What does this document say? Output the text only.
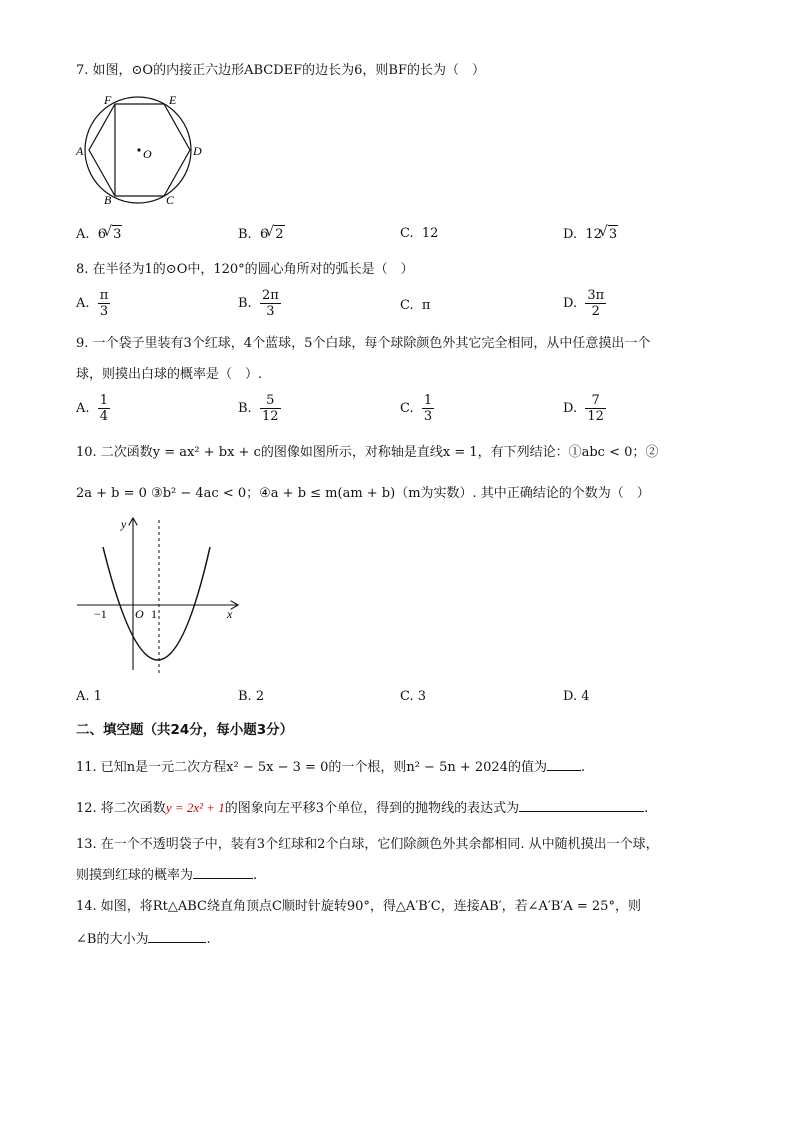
7. 如图，⊙O的内接正六边形ABCDEF的边长为6，则BF的长为（　）
F	E
A	D
B	C
O
A. 6 √ 3	B. 6 √ 2	C. 12	D. 12 √ 3
8. 在半径为1的⊙O中，120°的圆心角所对的弧长是（　）
A. $\frac{\pi}{3}$	B. $\frac{2\pi}{3}$	C. π	D. $\frac{3\pi}{2}$
9. 一个袋子里装有3个红球，4个蓝球，5个白球，每个球除颜色外其它完全相同，从中任意摸出一个
球，则摸出白球的概率是（　）.
A. $\frac{1}{4}$	B. $\frac{5}{12}$	C. $\frac{1}{3}$	D. $\frac{7}{12}$
10. 二次函数y = ax² + bx + c的图像如图所示，对称轴是直线x = 1，有下列结论：①abc < 0；②
2a + b = 0 ③b² − 4ac < 0；④a + b ≤ m(am + b)（m为实数）. 其中正确结论的个数为（　）
y
x
O
−1	1
A. 1	B. 2	C. 3	D. 4
二、填空题（共24分，每小题3分）
11. 已知n是一元二次方程x² − 5x − 3 = 0的一个根，则n² − 5n + 2024的值为	.
12. 将二次函数y = 2x² + 1的图象向左平移3个单位，得到的抛物线的表达式为	.
13. 在一个不透明袋子中，装有3个红球和2个白球，它们除颜色外其余都相同. 从中随机摸出一个球，
则摸到红球的概率为	.
14. 如图，将Rt△ABC绕直角顶点C顺时针旋转90°，得△A′B′C，连接AB′，若∠A′B′A = 25°，则
∠B的大小为	.
